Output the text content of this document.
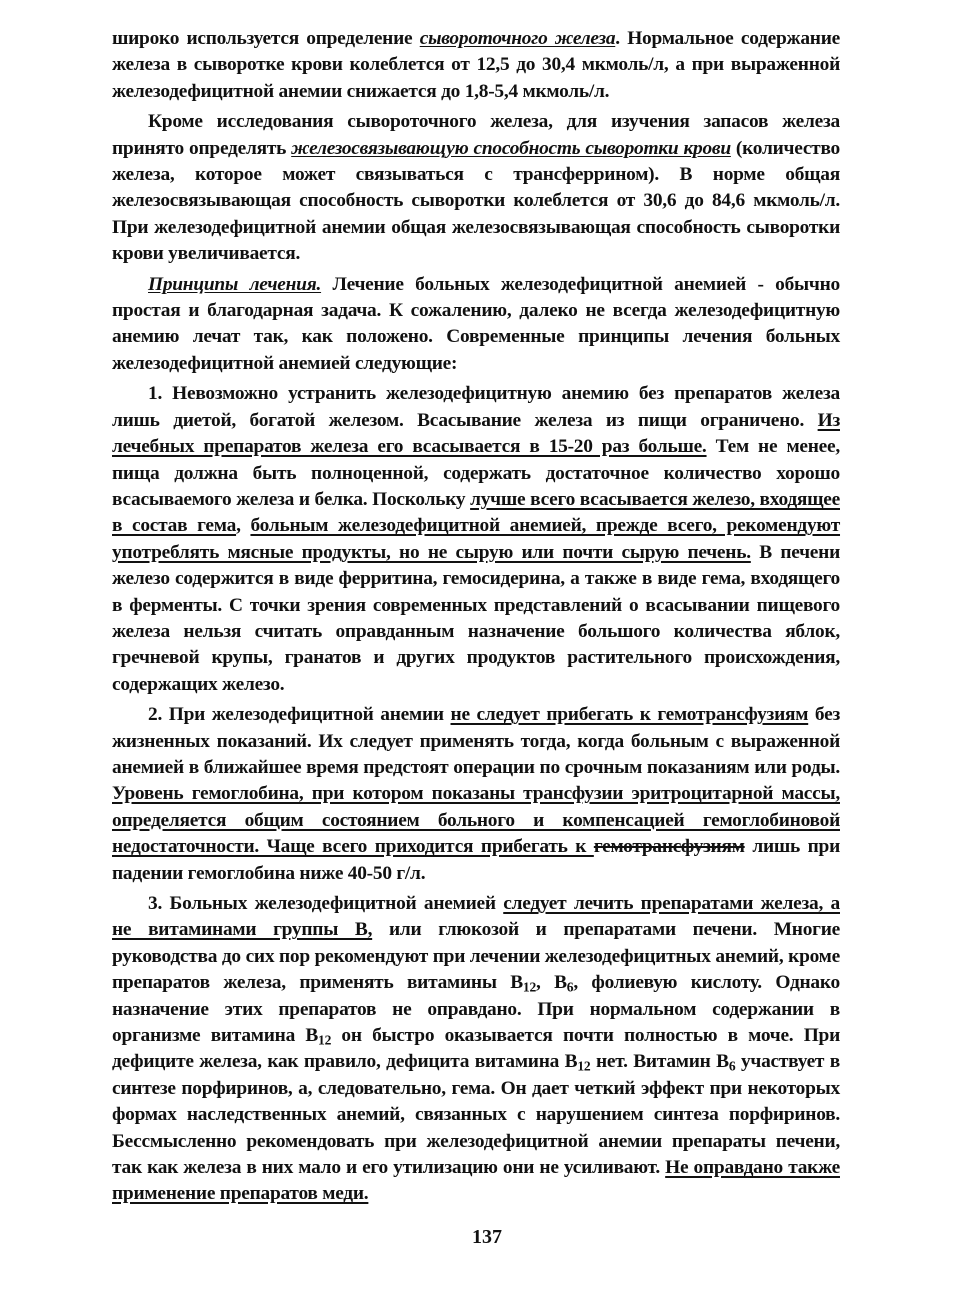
широко используется определение сывороточного железа. Нормальное содержание железа в сыворотке крови колеблется от 12,5 до 30,4 мкмоль/л, а при выраженной железодефицитной анемии снижается до 1,8-5,4 мкмоль/л.

Кроме исследования сывороточного железа, для изучения запасов железа принято определять железосвязывающую способность сыворотки крови (количество железа, которое может связываться с трансферрином). В норме общая железосвязывающая способность сыворотки колеблется от 30,6 до 84,6 мкмоль/л. При железодефицитной анемии общая железосвязывающая способность сыворотки крови увеличивается.

Принципы лечения. Лечение больных железодефицитной анемией - обычно простая и благодарная задача. К сожалению, далеко не всегда железодефицитную анемию лечат так, как положено. Современные принципы лечения больных железодефицитной анемией следующие:

1. Невозможно устранить железодефицитную анемию без препаратов железа лишь диетой, богатой железом. Всасывание железа из пищи ограничено. Из лечебных препаратов железа его всасывается в 15-20 раз больше. Тем не менее, пища должна быть полноценной, содержать достаточное количество хорошо всасываемого железа и белка. Поскольку лучше всего всасывается железо, входящее в состав гема, больным железодефицитной анемией, прежде всего, рекомендуют употреблять мясные продукты, но не сырую или почти сырую печень. В печени железо содержится в виде ферритина, гемосидерина, а также в виде гема, входящего в ферменты. С точки зрения современных представлений о всасывании пищевого железа нельзя считать оправданным назначение большого количества яблок, гречневой крупы, гранатов и других продуктов растительного происхождения, содержащих железо.

2. При железодефицитной анемии не следует прибегать к гемотрансфузиям без жизненных показаний. Их следует применять тогда, когда больным с выраженной анемией в ближайшее время предстоят операции по срочным показаниям или роды. Уровень гемоглобина, при котором показаны трансфузии эритроцитарной массы, определяется общим состоянием больного и компенсацией гемоглобиновой недостаточности. Чаще всего приходится прибегать к гемотрансфузиям лишь при падении гемоглобина ниже 40-50 г/л.

3. Больных железодефицитной анемией следует лечить препаратами железа, а не витаминами группы В, или глюкозой и препаратами печени. Многие руководства до сих пор рекомендуют при лечении железодефицитных анемий, кроме препаратов железа, применять витамины $В_{12}$, $В_6$, фолиевую кислоту. Однако назначение этих препаратов не оправдано. При нормальном содержании в организме витамина $В_{12}$ он быстро оказывается почти полностью в моче. При дефиците железа, как правило, дефицита витамина $В_{12}$ нет. Витамин $В_6$ участвует в синтезе порфиринов, а, следовательно, гема. Он дает четкий эффект при некоторых формах наследственных анемий, связанных с нарушением синтеза порфиринов. Бессмысленно рекомендовать при железодефицитной анемии препараты печени, так как железа в них мало и его утилизацию они не усиливают. Не оправдано также применение препаратов меди.

137
